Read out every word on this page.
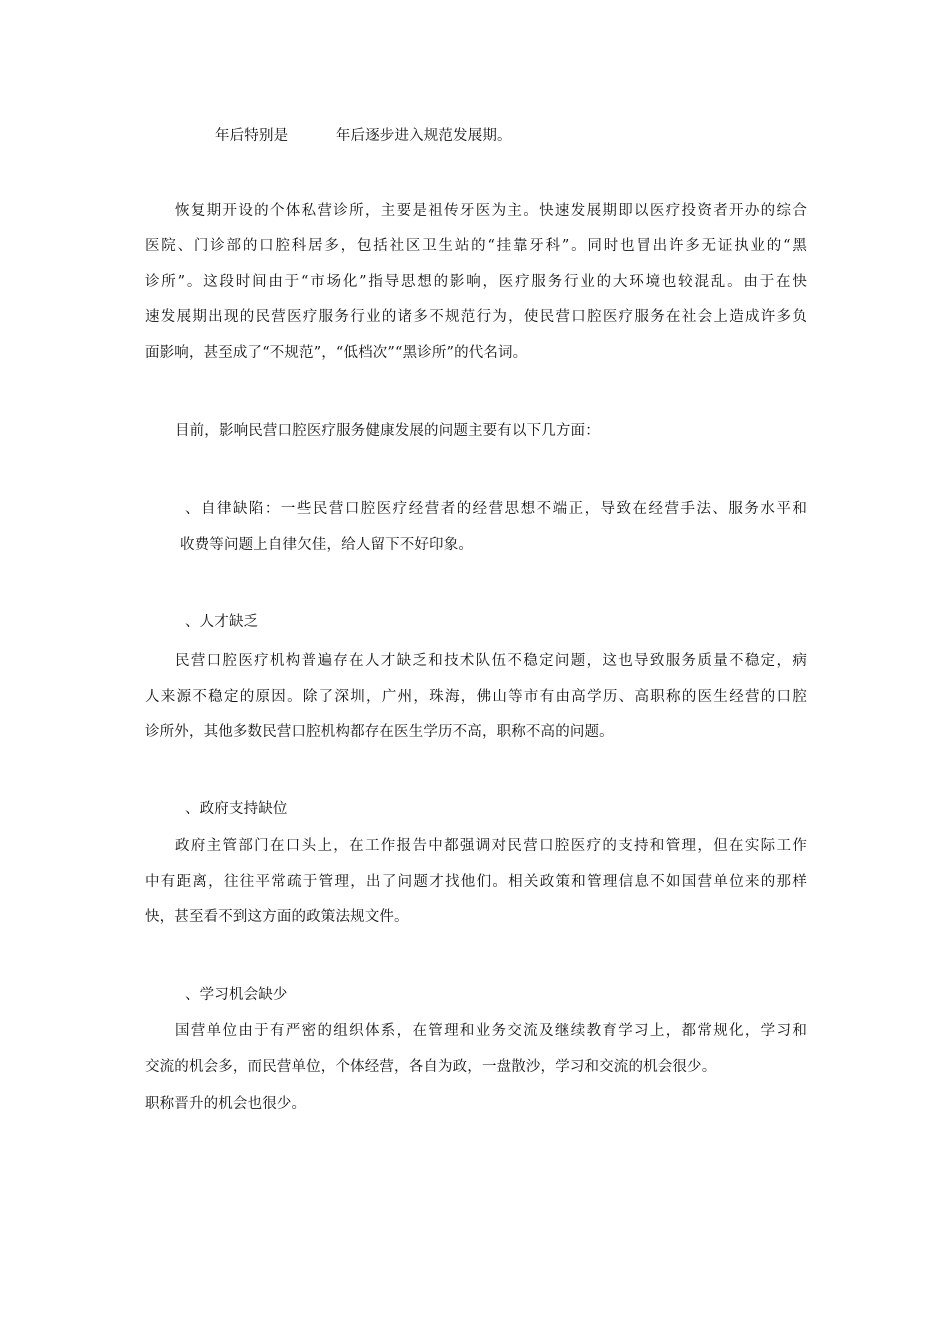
年后特别是          年后逐步进入规范发展期。

恢复期开设的个体私营诊所，主要是祖传牙医为主。快速发展期即以医疗投资者开办的综合

医院、门诊部的口腔科居多，包括社区卫生站的“挂靠牙科”。同时也冒出许多无证执业的“黑

诊所”。这段时间由于“市场化”指导思想的影响，医疗服务行业的大环境也较混乱。由于在快

速发展期出现的民营医疗服务行业的诸多不规范行为，使民营口腔医疗服务在社会上造成许多负

面影响，甚至成了“不规范”，“低档次”“黑诊所”的代名词。

目前，影响民营口腔医疗服务健康发展的问题主要有以下几方面：

、自律缺陷：一些民营口腔医疗经营者的经营思想不端正，导致在经营手法、服务水平和

收费等问题上自律欠佳，给人留下不好印象。

、人才缺乏

民营口腔医疗机构普遍存在人才缺乏和技术队伍不稳定问题，这也导致服务质量不稳定，病

人来源不稳定的原因。除了深圳，广州，珠海，佛山等市有由高学历、高职称的医生经营的口腔

诊所外，其他多数民营口腔机构都存在医生学历不高，职称不高的问题。

、政府支持缺位

政府主管部门在口头上，在工作报告中都强调对民营口腔医疗的支持和管理，但在实际工作

中有距离，往往平常疏于管理，出了问题才找他们。相关政策和管理信息不如国营单位来的那样

快，甚至看不到这方面的政策法规文件。

、学习机会缺少

国营单位由于有严密的组织体系，在管理和业务交流及继续教育学习上，都常规化，学习和

交流的机会多，而民营单位，个体经营，各自为政，一盘散沙，学习和交流的机会很少。

职称晋升的机会也很少。
